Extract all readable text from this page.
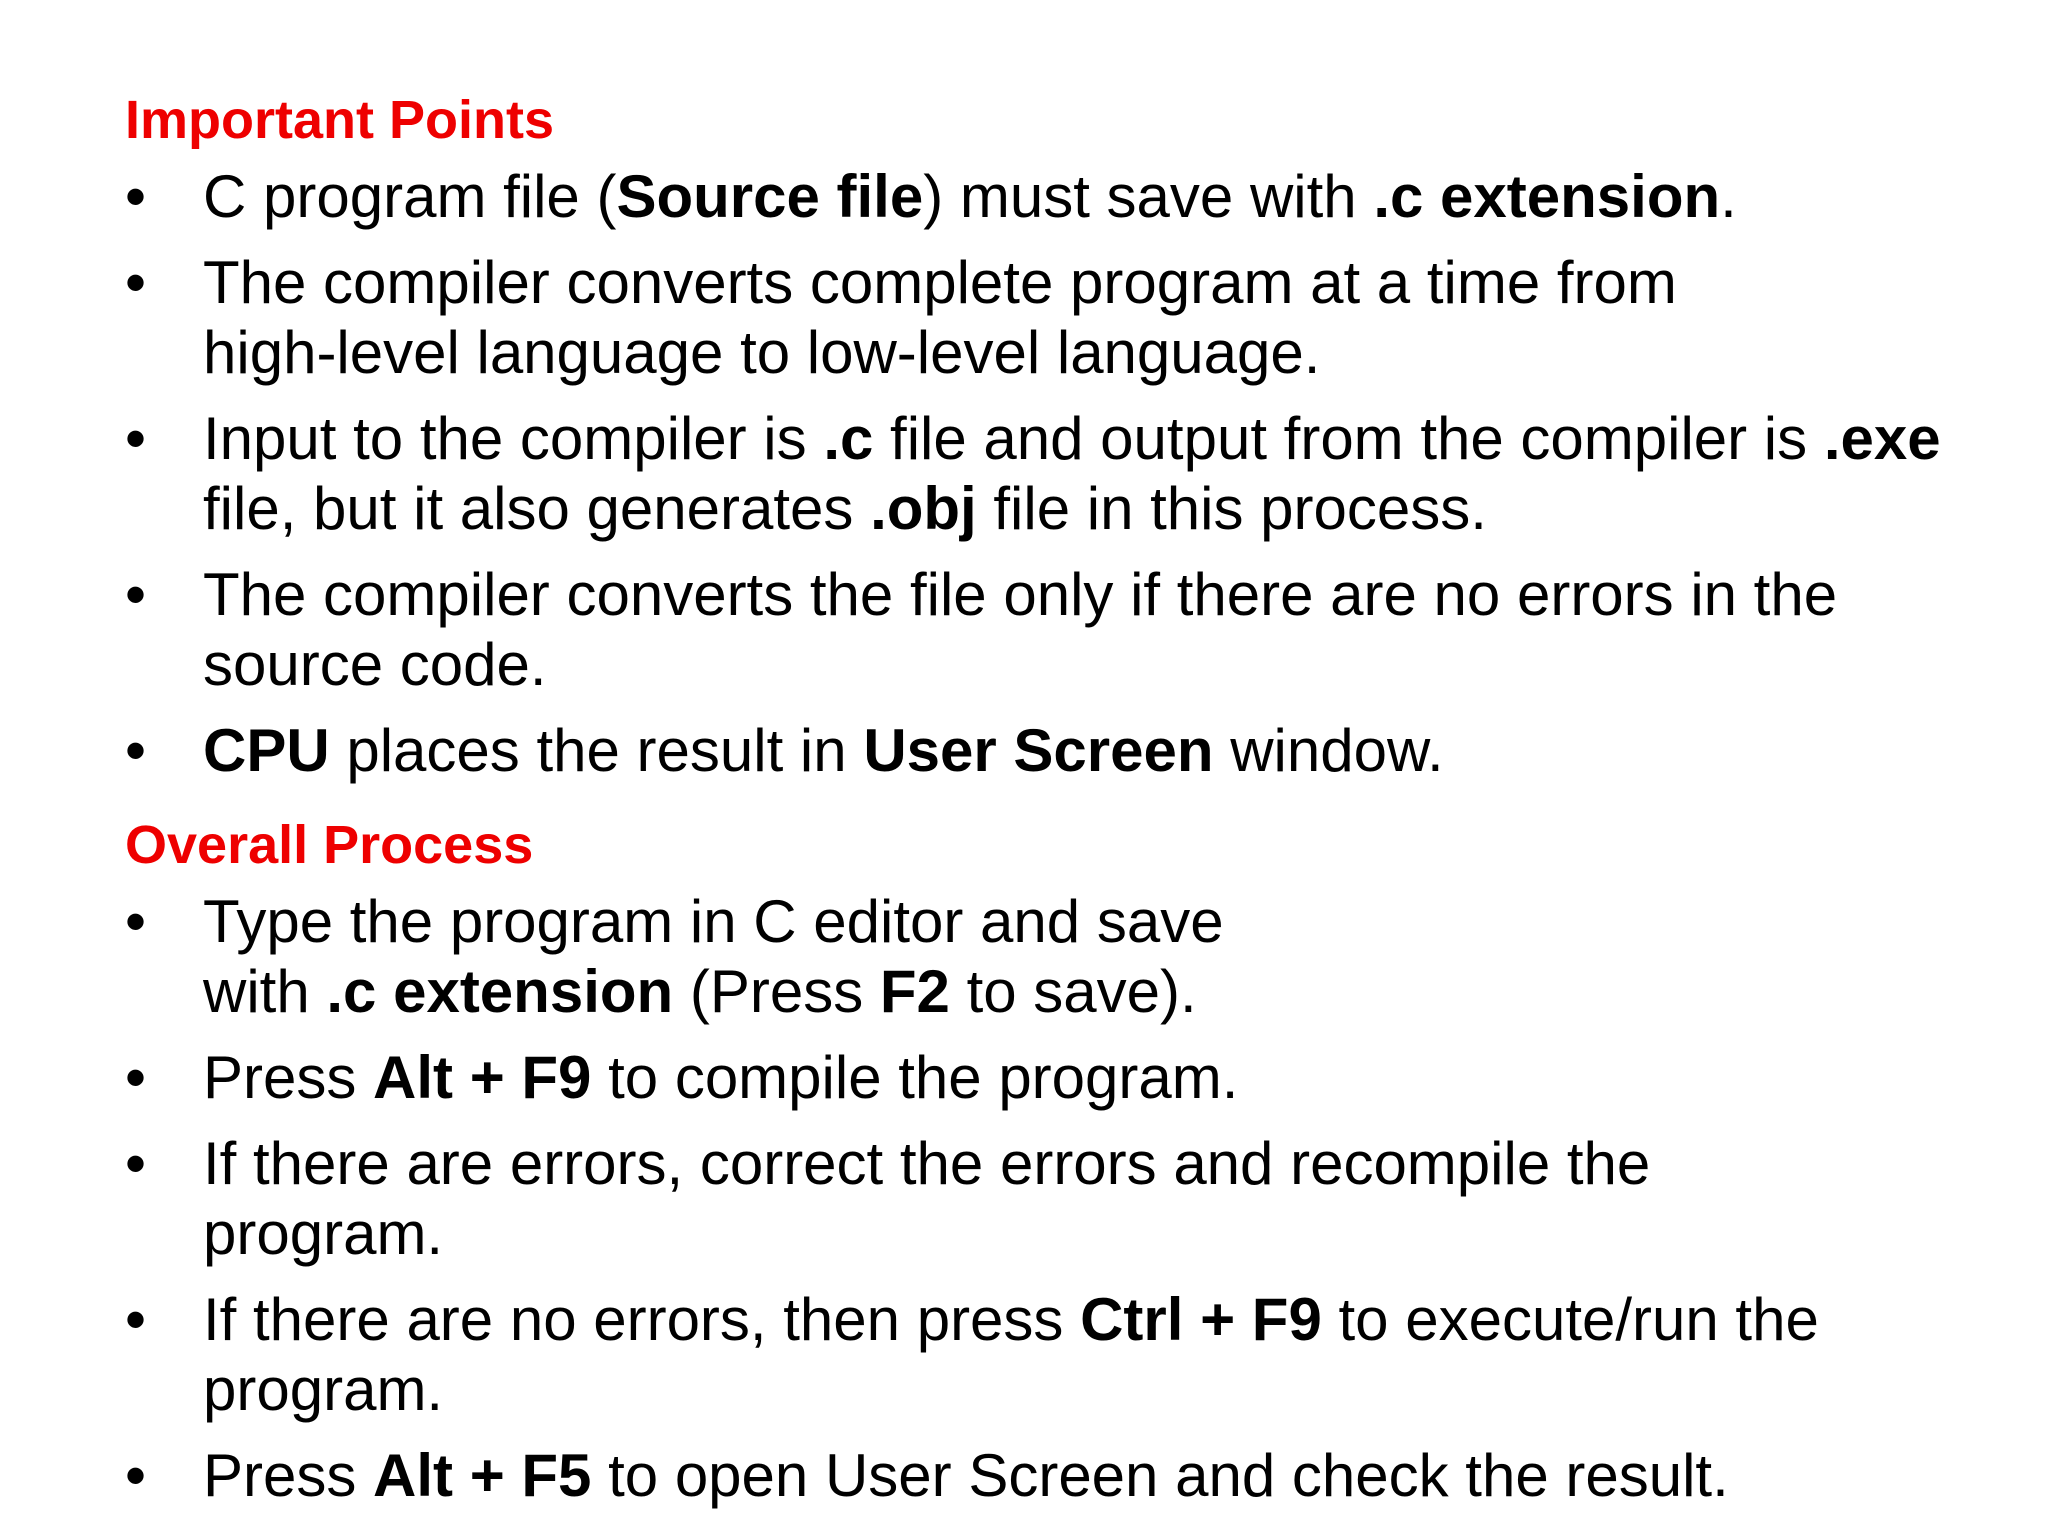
Important Points
• C program file (Source file) must save with .c extension.
• The compiler converts complete program at a time from high-level language to low-level language.
• Input to the compiler is .c file and output from the compiler is .exe file, but it also generates .obj file in this process.
• The compiler converts the file only if there are no errors in the source code.
• CPU places the result in User Screen window.
Overall Process
• Type the program in C editor and save with .c extension (Press F2 to save).
• Press Alt + F9 to compile the program.
• If there are errors, correct the errors and recompile the program.
• If there are no errors, then press Ctrl + F9 to execute/run the program.
• Press Alt + F5 to open User Screen and check the result.
